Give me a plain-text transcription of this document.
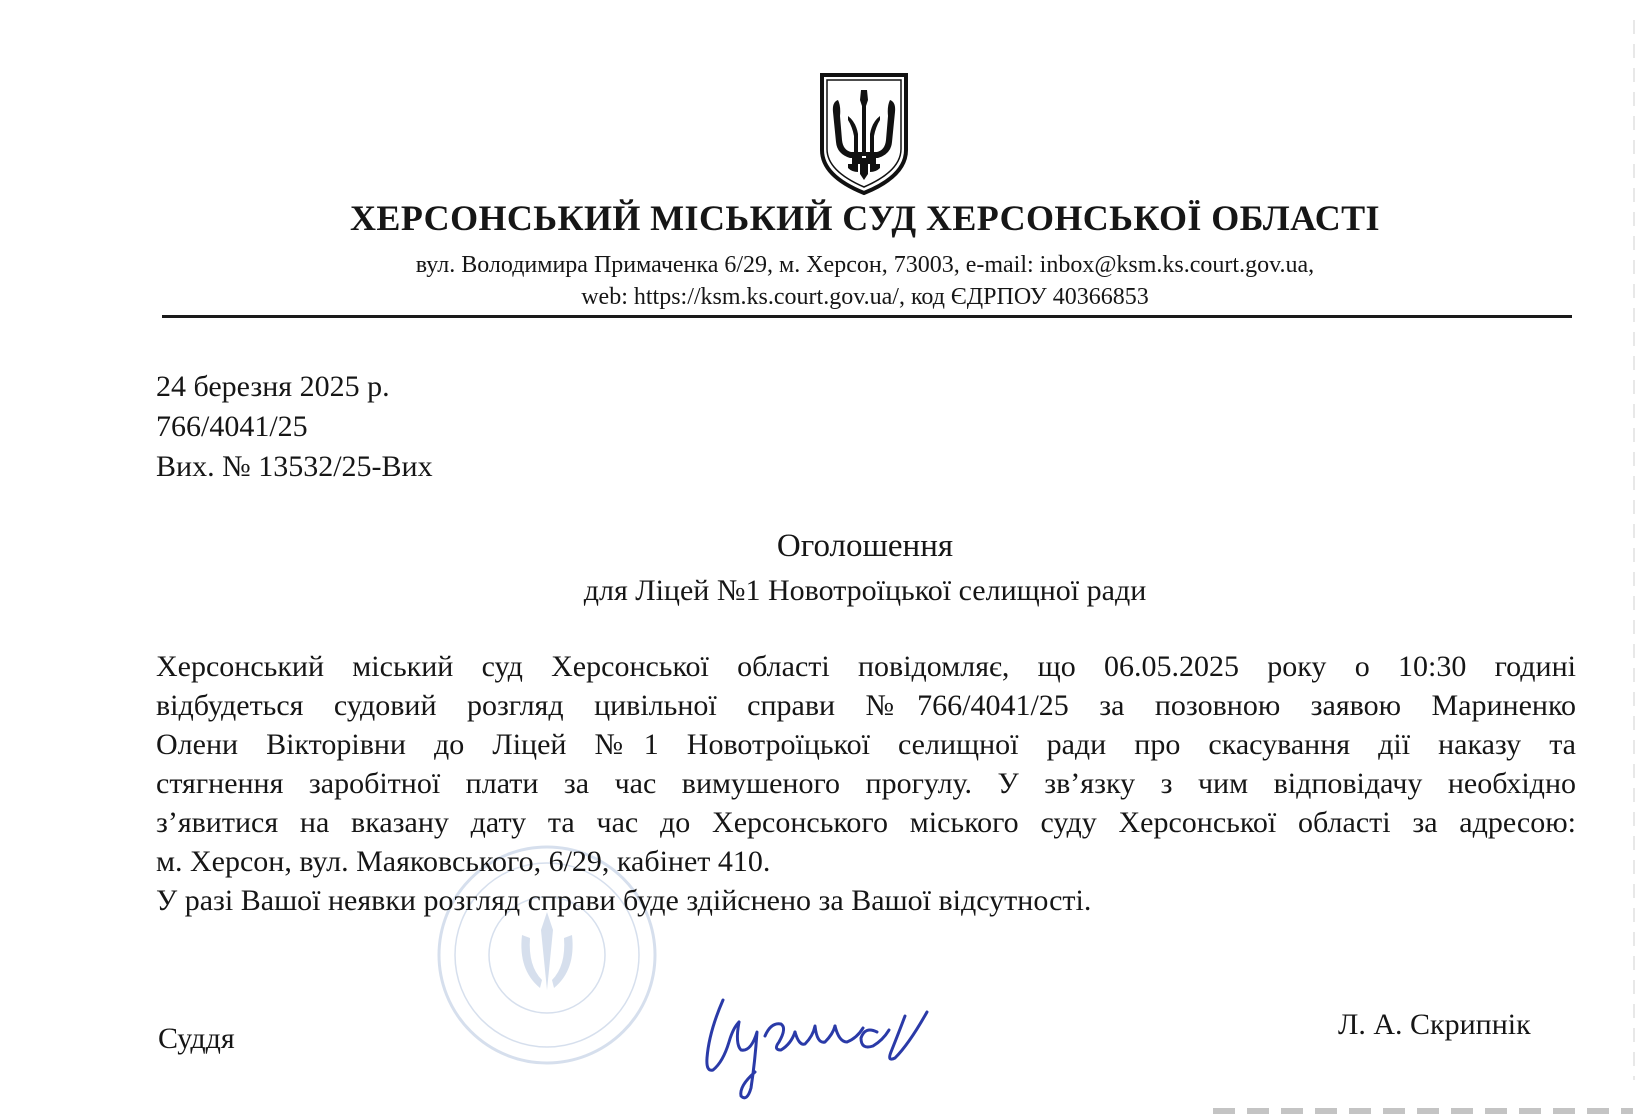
ХЕРСОНСЬКИЙ МІСЬКИЙ СУД ХЕРСОНСЬКОЇ ОБЛАСТІ
вул. Володимира Примаченка 6/29, м. Херсон, 73003, e-mail: inbox@ksm.ks.court.gov.ua,
web: https://ksm.ks.court.gov.ua/, код ЄДРПОУ 40366853
24 березня 2025 р.
766/4041/25
Вих. № 13532/25-Вих
Оголошення
для Ліцей №1 Новотроїцької селищної ради
Херсонський міський суд Херсонської області повідомляє, що 06.05.2025 року о 10:30 годині
відбудеться судовий розгляд цивільної справи №766/4041/25 за позовною заявою Мариненко
Олени Вікторівни до Ліцей №1 Новотроїцької селищної ради про скасування дії наказу та
стягнення заробітної плати за час вимушеного прогулу. У зв’язку з чим відповідачу необхідно
з’явитися на вказану дату та час до Херсонського міського суду Херсонської області за адресою:
м. Херсон, вул. Маяковського, 6/29, кабінет 410.
У разі Вашої неявки розгляд справи буде здійснено за Вашої відсутності.
Суддя	Л. А. Скрипнік
